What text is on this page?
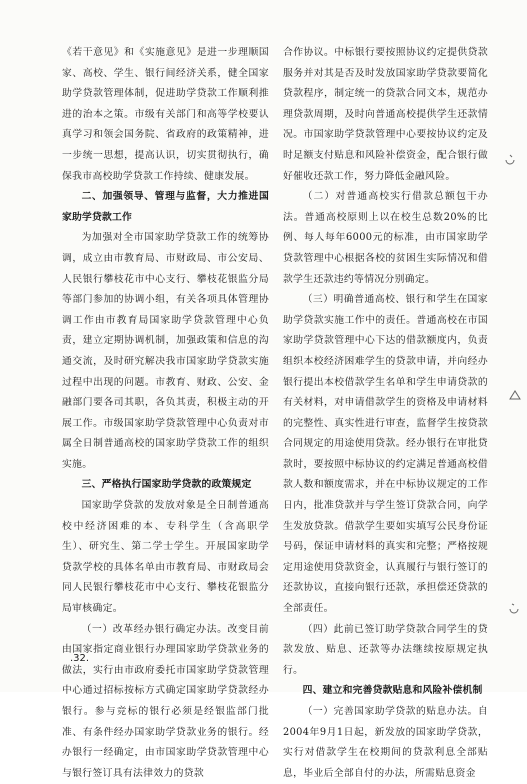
《若干意见》和《实施意见》是进一步理顺国家、高校、学生、银行间经济关系，健全国家助学贷款管理体制，促进助学贷款工作顺利推进的治本之策。市级有关部门和高等学校要认真学习和领会国务院、省政府的政策精神，进一步统一思想，提高认识，切实贯彻执行，确保我市高校助学贷款工作持续、健康发展。

二、加强领导、管理与监督，大力推进国家助学贷款工作

为加强对全市国家助学贷款工作的统筹协调，成立由市教育局、市财政局、市公安局、人民银行攀枝花市中心支行、攀枝花银监分局等部门参加的协调小组，有关各项具体管理协调工作由市教育局国家助学贷款管理中心负责，建立定期协调机制，加强政策和信息的沟通交流，及时研究解决我市国家助学贷款实施过程中出现的问题。市教育、财政、公安、金融部门要各司其职，各负其责，积极主动的开展工作。市级国家助学贷款管理中心负责对市属全日制普通高校的国家助学贷款工作的组织实施。

三、严格执行国家助学贷款的政策规定

国家助学贷款的发放对象是全日制普通高校中经济困难的本、专科学生（含高职学生）、研究生、第二学士学生。开展国家助学贷款学校的具体名单由市教育局、市财政局会同人民银行攀枝花市中心支行、攀枝花银监分局审核确定。

（一）改革经办银行确定办法。改变目前由国家指定商业银行办理国家助学贷款业务的做法，实行由市政府委托市国家助学贷款管理中心通过招标按标方式确定国家助学贷款经办银行。参与竞标的银行必须是经银监部门批准、有条件经办国家助学贷款业务的银行。经办银行一经确定，由市国家助学贷款管理中心与银行签订具有法律效力的贷款

合作协议。中标银行要按照协议约定提供贷款服务并对其是否及时发放国家助学贷款要简化贷款程序，制定统一的贷款合同文本，规范办理贷款周期，及时向普通高校提供学生还款情况。市国家助学贷款管理中心要按协议约定及时足额支付贴息和风险补偿资金，配合银行做好催收还款工作，努力降低金融风险。

（二）对普通高校实行借款总额包干办法。普通高校原则上以在校生总数20%的比例、每人每年6000元的标准，由市国家助学贷款管理中心根据各校的贫困生实际情况和借款学生还款违约等情况分别确定。

（三）明确普通高校、银行和学生在国家助学贷款实施工作中的责任。普通高校在市国家助学贷款管理中心下达的借款额度内，负责组织本校经济困难学生的贷款申请，并向经办银行提出本校借款学生名单和学生申请贷款的有关材料，对申请借款学生的资格及申请材料的完整性、真实性进行审查，监督学生按贷款合同规定的用途使用贷款。经办银行在审批贷款时，要按照中标协议的约定满足普通高校借款人数和额度需求，并在中标协议规定的工作日内，批准贷款并与学生签订贷款合同，向学生发放贷款。借款学生要如实填写公民身份证号码，保证申请材料的真实和完整；严格按规定用途使用贷款资金，认真履行与银行签订的还款协议，直接向银行还款，承担偿还贷款的全部责任。

（四）此前已签订助学贷款合同学生的贷款发放、贴息、还款等办法继续按原规定执行。

四、建立和完善贷款贴息和风险补偿机制

（一）完善国家助学贷款的贴息办法。自2004年9月1日起，新发放的国家助学贷款，实行对借款学生在校期间的贷款利息全部贴息，毕业后全部自付的办法，所需贴息资金

.32.
